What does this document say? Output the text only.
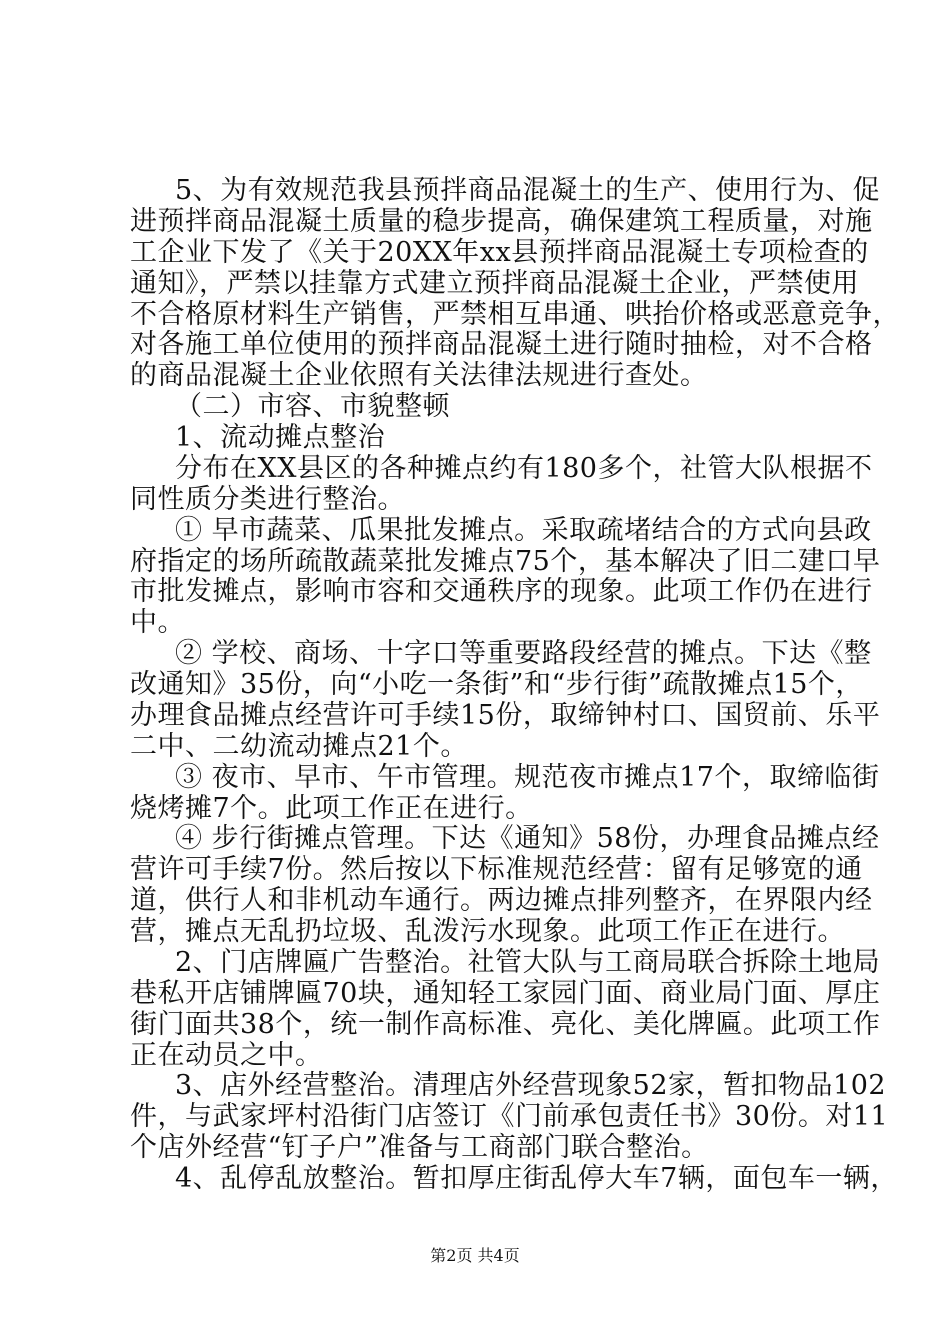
5、为有效规范我县预拌商品混凝土的生产、使用行为、促
进预拌商品混凝土质量的稳步提高，确保建筑工程质量，对施
工企业下发了《关于20XX年xx县预拌商品混凝土专项检查的
通知》，严禁以挂靠方式建立预拌商品混凝土企业，严禁使用
不合格原材料生产销售，严禁相互串通、哄抬价格或恶意竞争，
对各施工单位使用的预拌商品混凝土进行随时抽检，对不合格
的商品混凝土企业依照有关法律法规进行查处。
（二）市容、市貌整顿
1、流动摊点整治
分布在XX县区的各种摊点约有180多个，社管大队根据不
同性质分类进行整治。
① 早市蔬菜、瓜果批发摊点。采取疏堵结合的方式向县政
府指定的场所疏散蔬菜批发摊点75个，基本解决了旧二建口早
市批发摊点，影响市容和交通秩序的现象。此项工作仍在进行
中。
② 学校、商场、十字口等重要路段经营的摊点。下达《整
改通知》35份，向“小吃一条街”和“步行街”疏散摊点15个，
办理食品摊点经营许可手续15份，取缔钟村口、国贸前、乐平
二中、二幼流动摊点21个。
③ 夜市、早市、午市管理。规范夜市摊点17个，取缔临街
烧烤摊7个。此项工作正在进行。
④ 步行街摊点管理。下达《通知》58份，办理食品摊点经
营许可手续7份。然后按以下标准规范经营：留有足够宽的通
道，供行人和非机动车通行。两边摊点排列整齐，在界限内经
营，摊点无乱扔垃圾、乱泼污水现象。此项工作正在进行。
2、门店牌匾广告整治。社管大队与工商局联合拆除土地局
巷私开店铺牌匾70块，通知轻工家园门面、商业局门面、厚庄
街门面共38个，统一制作高标准、亮化、美化牌匾。此项工作
正在动员之中。
3、店外经营整治。清理店外经营现象52家，暂扣物品102
件，与武家坪村沿街门店签订《门前承包责任书》30份。对11
个店外经营“钉子户”准备与工商部门联合整治。
4、乱停乱放整治。暂扣厚庄街乱停大车7辆，面包车一辆，
第2页 共4页
